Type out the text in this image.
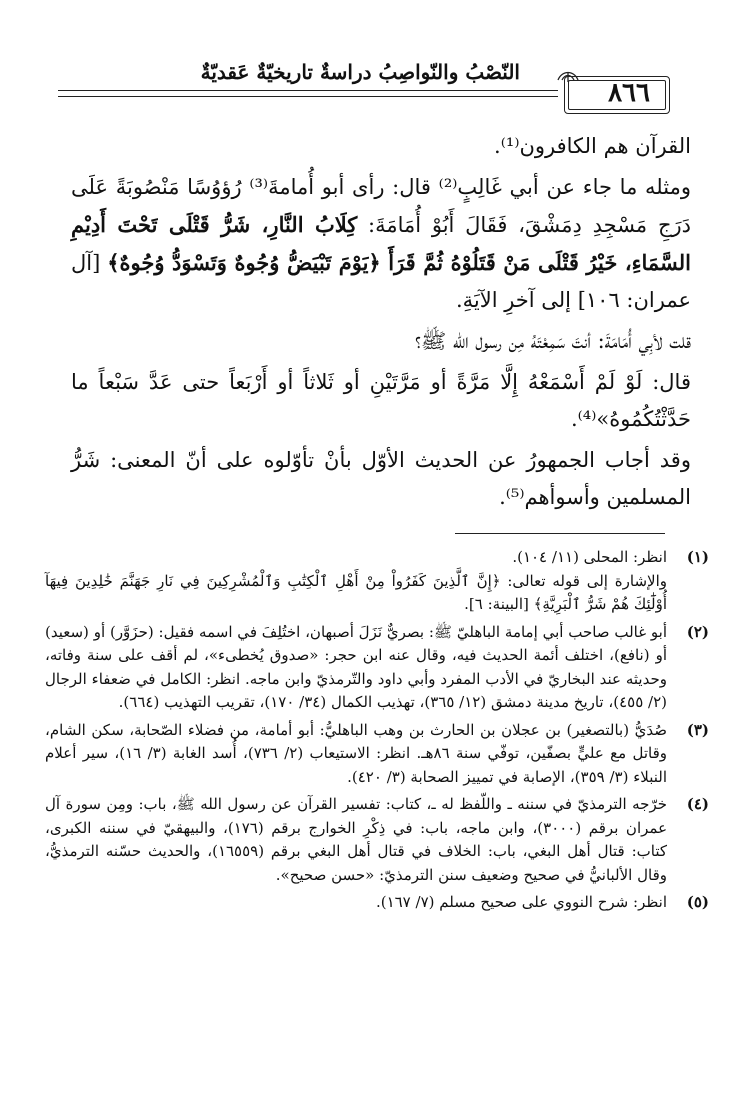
النّصْبُ والنّواصِبُ دراسةٌ تاريخيّةٌ عَقديّةٌ
٨٦٦

القرآن هم الكافرون⁽¹⁾.

ومثله ما جاء عن أبي غَالِبٍ⁽²⁾ قال: رأى أبو أُمامةَ⁽³⁾ رُؤوُسًا مَنْصُوبَةً عَلَى دَرَجِ مَسْجِدِ دِمَشْقَ، فَقَالَ أَبُوْ أُمَامَةَ: كِلَابُ النَّارِ، شَرُّ قَتْلَى تَحْتَ أَدِيْمِ السَّمَاءِ، خَيْرُ قَتْلَى مَنْ قَتَلُوْهُ ثُمَّ قَرَأَ ﴿يَوْمَ تَبْيَضُّ وُجُوهٌ وَتَسْوَدُّ وُجُوهٌ﴾ [آل عمران: ١٠٦] إلى آخرِ الآيَةِ.

قلت لأبِي أُمَامَةَ: أنتَ سَمِعْتَهُ مِن رسول الله ﷺ؟

قال: لَوْ لَمْ أَسْمَعْهُ إِلَّا مَرَّةً أو مَرَّتَيْنِ أو ثَلاثاً أو أَرْبَعاً حتى عَدَّ سَبْعاً ما حَدَّثْتُكُمُوهُ»⁽⁴⁾.

وقد أجاب الجمهورُ عن الحديث الأوّل بأنْ تأوّلوه على أنّ المعنى: شَرُّ المسلمين وأسوأهم⁽⁵⁾.

(١)

انظر: المحلى (١١/ ١٠٤).

والإشارة إلى قوله تعالى: ﴿إِنَّ ٱلَّذِينَ كَفَرُواْ مِنْ أَهْلِ ٱلْكِتَٰبِ وَٱلْمُشْرِكِينَ فِي نَارِ جَهَنَّمَ خَٰلِدِينَ فِيهَآ أُوْلَٰٓئِكَ هُمْ شَرُّ ٱلْبَرِيَّةِ﴾ [البينة: ٦].

(٢)

أبو غالب صاحب أبي إمامة الباهليّ ﷺ: بصريٌّ نَزَلَ أصبهان، اختُلِفَ في اسمه فقيل: (حزَوَّر) أو (سعيد) أو (نافع)، اختلف أئمة الحديث فيه، وقال عنه ابن حجر: «صدوق يُخطىء»، لم أقف على سنة وفاته، وحديثه عند البخاريّ في الأدب المفرد وأبي داود والتّرمذيّ وابن ماجه. انظر: الكامل في ضعفاء الرجال (٢/ ٤٥٥)، تاريخ مدينة دمشق (١٢/ ٣٦٥)، تهذيب الكمال (٣٤/ ١٧٠)، تقريب التهذيب (٦٦٤).

(٣)

صُدَيُّ (بالتصغير) بن عجلان بن الحارث بن وهب الباهليُّ: أبو أمامة، من فضلاء الصّحابة، سكن الشام، وقاتل مع عليٍّ بصفّين، توفّي سنة ٨٦هـ. انظر: الاستيعاب (٢/ ٧٣٦)، أُسد الغابة (٣/ ١٦)، سير أعلام النبلاء (٣/ ٣٥٩)، الإصابة في تمييز الصحابة (٣/ ٤٢٠).

(٤)

خرّجه الترمذيّ في سننه ـ واللّفظ له ـ، كتاب: تفسير القرآن عن رسول الله ﷺ، باب: ومِن سورة آل عمران برقم (٣٠٠٠)، وابن ماجه، باب: في ذِكْرِ الخوارج برقم (١٧٦)، والبيهقيّ في سننه الكبرى، كتاب: قتال أهل البغي، باب: الخلاف في قتال أهل البغي برقم (١٦٥٥٩)، والحديث حسّنه الترمذيُّ، وقال الألبانيُّ في صحيح وضعيف سنن الترمذيّ: «حسن صحيح».

(٥)

انظر: شرح النووي على صحيح مسلم (٧/ ١٦٧).
